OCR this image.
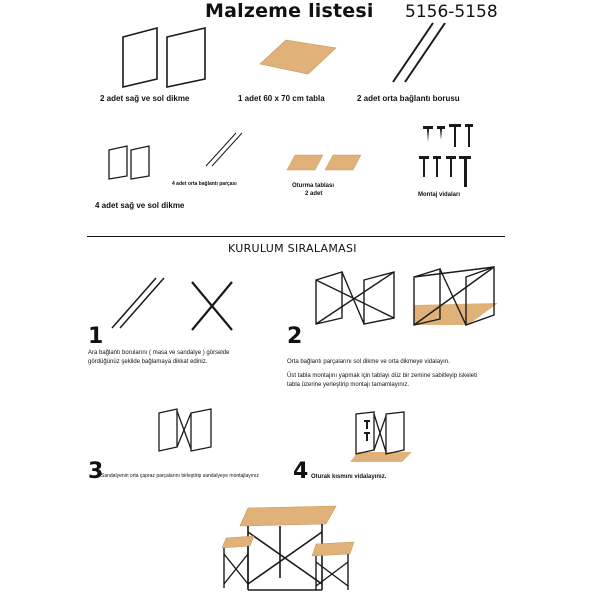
Malzeme listesi 5156-5158
2 adet sağ ve sol dikme	1 adet 60 x 70 cm tabla	2 adet orta bağlantı borusu
4 adet sağ ve sol dikme
4 adet orta bağlantı parçası	Oturma tablası
2 adet	Montaj vidaları
KURULUM SIRALAMASI
1
Ara bağlantı borularını ( masa ve sandalye ) görselde
gördüğünüz şekilde bağlamaya dikkat ediniz.
2
Orta bağlantı parçalarını sol dikme ve orta dikmeye vidalayın.
Üst tabla montajını yapmak için tablayı düz bir zemine sabitleyip iskeleti
tabla üzerine yerleştirip montajı tamamlayınız.
3
Sandalyenin orta çapraz parçalarını birleştirip sandalyeye montajlayınız 4 Oturak kısmını vidalayınız.
